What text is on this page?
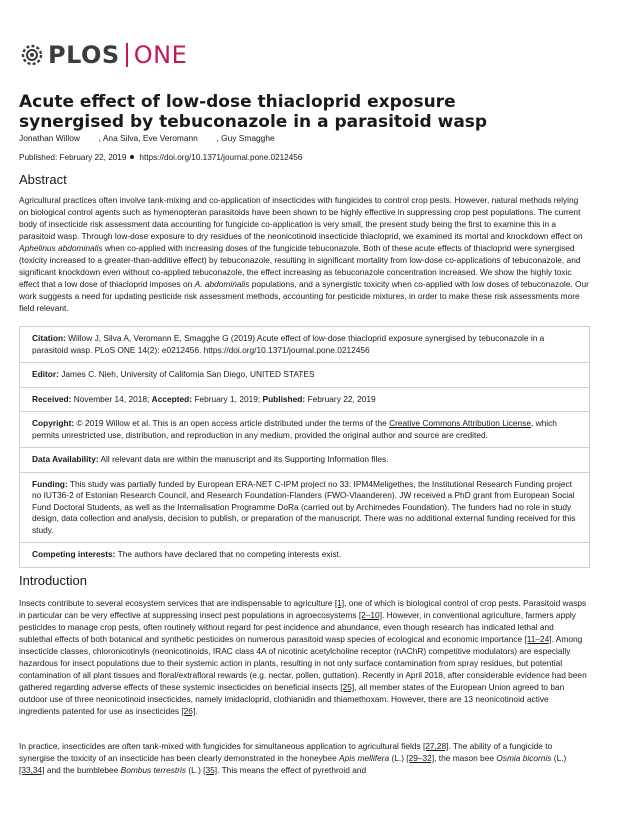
PLOS ONE
Acute effect of low-dose thiacloprid exposure synergised by tebuconazole in a parasitoid wasp
Jonathan Willow , Ana Silva, Eve Veromann , Guy Smagghe
Published: February 22, 2019 https://doi.org/10.1371/journal.pone.0212456
Abstract

Agricultural practices often involve tank-mixing and co-application of insecticides with fungicides to control crop pests. However, natural methods relying on biological control agents such as hymenopteran parasitoids have been shown to be highly effective in suppressing crop pest populations. The current body of insecticide risk assessment data accounting for fungicide co-application is very small, the present study being the first to examine this in a parasitoid wasp. Through low-dose exposure to dry residues of the neonicotinoid insecticide thiacloprid, we examined its mortal and knockdown effect on Aphelinus abdominalis when co-applied with increasing doses of the fungicide tebuconazole. Both of these acute effects of thiacloprid were synergised (toxicity increased to a greater-than-additive effect) by tebuconazole, resulting in significant mortality from low-dose co-applications of tebuconazole, and significant knockdown even without co-applied tebuconazole, the effect increasing as tebuconazole concentration increased. We show the highly toxic effect that a low dose of thiacloprid imposes on A. abdominalis populations, and a synergistic toxicity when co-applied with low doses of tebuconazole. Our work suggests a need for updating pesticide risk assessment methods, accounting for pesticide mixtures, in order to make these risk assessments more field relevant.

Citation: Willow J, Silva A, Veromann E, Smagghe G (2019) Acute effect of low-dose thiacloprid exposure synergised by tebuconazole in a parasitoid wasp. PLoS ONE 14(2): e0212456. https://doi.org/10.1371/journal.pone.0212456
Editor: James C. Nieh, University of California San Diego, UNITED STATES
Received: November 14, 2018; Accepted: February 1, 2019; Published: February 22, 2019
Copyright: © 2019 Willow et al. This is an open access article distributed under the terms of the Creative Commons Attribution License, which permits unrestricted use, distribution, and reproduction in any medium, provided the original author and source are credited.
Data Availability: All relevant data are within the manuscript and its Supporting Information files.
Funding: This study was partially funded by European ERA-NET C-IPM project no 33: IPM4Meligethes, the Institutional Research Funding project no IUT36-2 of Estonian Research Council, and Research Foundation-Flanders (FWO-Vlaanderen). JW received a PhD grant from European Social Fund Doctoral Students, as well as the Internalisation Programme DoRa (carried out by Archimedes Foundation). The funders had no role in study design, data collection and analysis, decision to publish, or preparation of the manuscript. There was no additional external funding received for this study.
Competing interests: The authors have declared that no competing interests exist.
Introduction

Insects contribute to several ecosystem services that are indispensable to agriculture [1], one of which is biological control of crop pests. Parasitoid wasps in particular can be very effective at suppressing insect pest populations in agroecosystems [2–10]. However, in conventional agriculture, farmers apply pesticides to manage crop pests, often routinely without regard for pest incidence and abundance, even though research has indicated lethal and sublethal effects of both botanical and synthetic pesticides on numerous parasitoid wasp species of ecological and economic importance [11–24]. Among insecticide classes, chloronicotinyls (neonicotinoids, IRAC class 4A of nicotinic acetylcholine receptor (nAChR) competitive modulators) are especially hazardous for insect populations due to their systemic action in plants, resulting in not only surface contamination from spray residues, but potential contamination of all plant tissues and floral/extrafloral rewards (e.g. nectar, pollen, guttation). Recently in April 2018, after considerable evidence had been gathered regarding adverse effects of these systemic insecticides on beneficial insects [25], all member states of the European Union agreed to ban outdoor use of three neonicotinoid insecticides, namely imidacloprid, clothianidin and thiamethoxam. However, there are 13 neonicotinoid active ingredients patented for use as insecticides [26].

In practice, insecticides are often tank-mixed with fungicides for simultaneous application to agricultural fields [27,28]. The ability of a fungicide to synergise the toxicity of an insecticide has been clearly demonstrated in the honeybee Apis mellifera (L.) [29–32], the mason bee Osmia bicornis (L.) [33,34] and the bumblebee Bombus terrestris (L.) [35]. This means the effect of pyrethroid and
